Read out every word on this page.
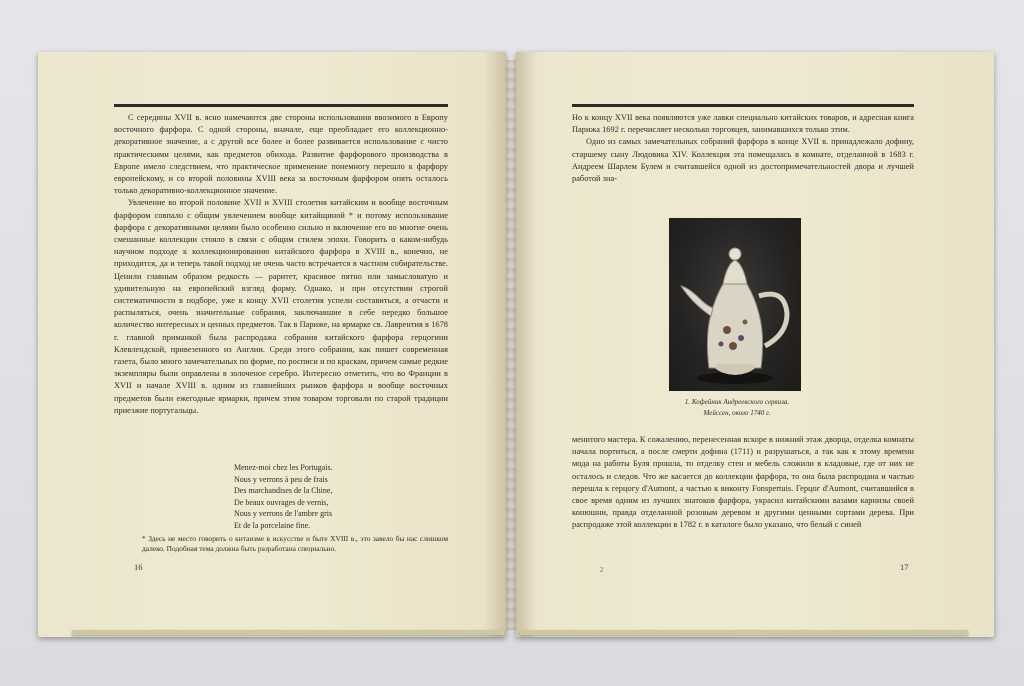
С середины XVII в. ясно намечаются две стороны использования ввозимого в Европу восточного фарфора. С одной стороны, вначале, еще преобладает его коллекционно-декоративное значение, а с другой все более и более развивается использование с чисто практическими целями, как предметов обихода. Развитие фарфорового производства в Европе имело следствием, что практическое применение понемногу перешло к фарфору европейскому, и со второй половины XVIII века за восточным фарфором опять осталось только декоративно-коллекционное значение.

Увлечение во второй половине XVII и XVIII столетия китайским и вообще восточным фарфором совпало с общим увлечением вообще китайщиной * и потому использование фарфора с декоративными целями было особенно сильно и включение его во многие очень смешанные коллекции стояло в связи с общим стилем эпохи. Говорить о каком-нибудь научном подходе к коллекционированию китайского фарфора в XVIII в., конечно, не приходится, да и теперь такой подход не очень часто встречается в частном собирательстве. Ценили главным образом редкость — раритет, красивое пятно или замысловатую и удивительную на европейский взгляд форму. Однако, и при отсутствии строгой систематичности в подборе, уже к концу XVII столетия успели составиться, а отчасти и распыляться, очень значительные собрания, заключавшие в себе нередко большое количество интересных и ценных предметов. Так в Париже, на ярмарке св. Лаврентия в 1678 г. главной приманкой была распродажа собрания китайского фарфора герцогини Клевлендской, привезенного из Англии. Среди этого собрания, как пишет современная газета, было много замечательных по форме, по росписи и по краскам, причем самые редкие экземпляры были оправлены в золоченое серебро. Интересно отметить, что во Франции в XVII и начале XVIII в. одним из главнейших рынков фарфора и вообще восточных предметов были ежегодные ярмарки, причем этим товаром торговали по старой традиции приезжие португальцы.

Menez-moi chez les Portugais.
Nous y verrons à peu de frais
Des marchandises de la Chine,
De beaux ouvrages de vernis,
Nous y verrons de l'ambre gris
Et de la porcelaine fine.
* Здесь не место говорить о китаизме в искусстве и быте XVIII в., это завело бы нас слишком далеко. Подобная тема должна быть разработана специально.
16

Но к концу XVII века появляются уже лавки специально китайских товаров, и адресная книга Парижа 1692 г. перечисляет несколько торговцев, занимавшихся только этим.

Одно из самых замечательных собраний фарфора в конце XVII в. принадлежало дофину, старшему сыну Людовика XIV. Коллекция эта помещалась в комнате, отделанной в 1683 г. Андреем Шарлем Булем и считавшейся одной из достопримечательностей двора и лучшей работой зна-

1. Кофейник Андреевского сервиза.
Мейссен, около 1740 г.

менитого мастера. К сожалению, перенесенная вскоре в нижний этаж дворца, отделка комнаты начала портиться, а после смерти дофина (1711) и разрушаться, а так как к этому времени мода на работы Буля прошла, то отделку стен и мебель сложили в кладовые, где от них не осталось и следов. Что же касается до коллекции фарфора, то она была распродана и частью перешла к герцогу d'Aumont, а частью к виконту Fonspertuis. Герцог d'Aumont, считавшийся в свое время одним из лучших знатоков фарфора, украсил китайскими вазами карнизы своей конюшни, правда отделанной розовым деревом и другими ценными сортами дерева. При распродаже этой коллекции в 1782 г. в каталоге было указано, что белый с синей

2	17
